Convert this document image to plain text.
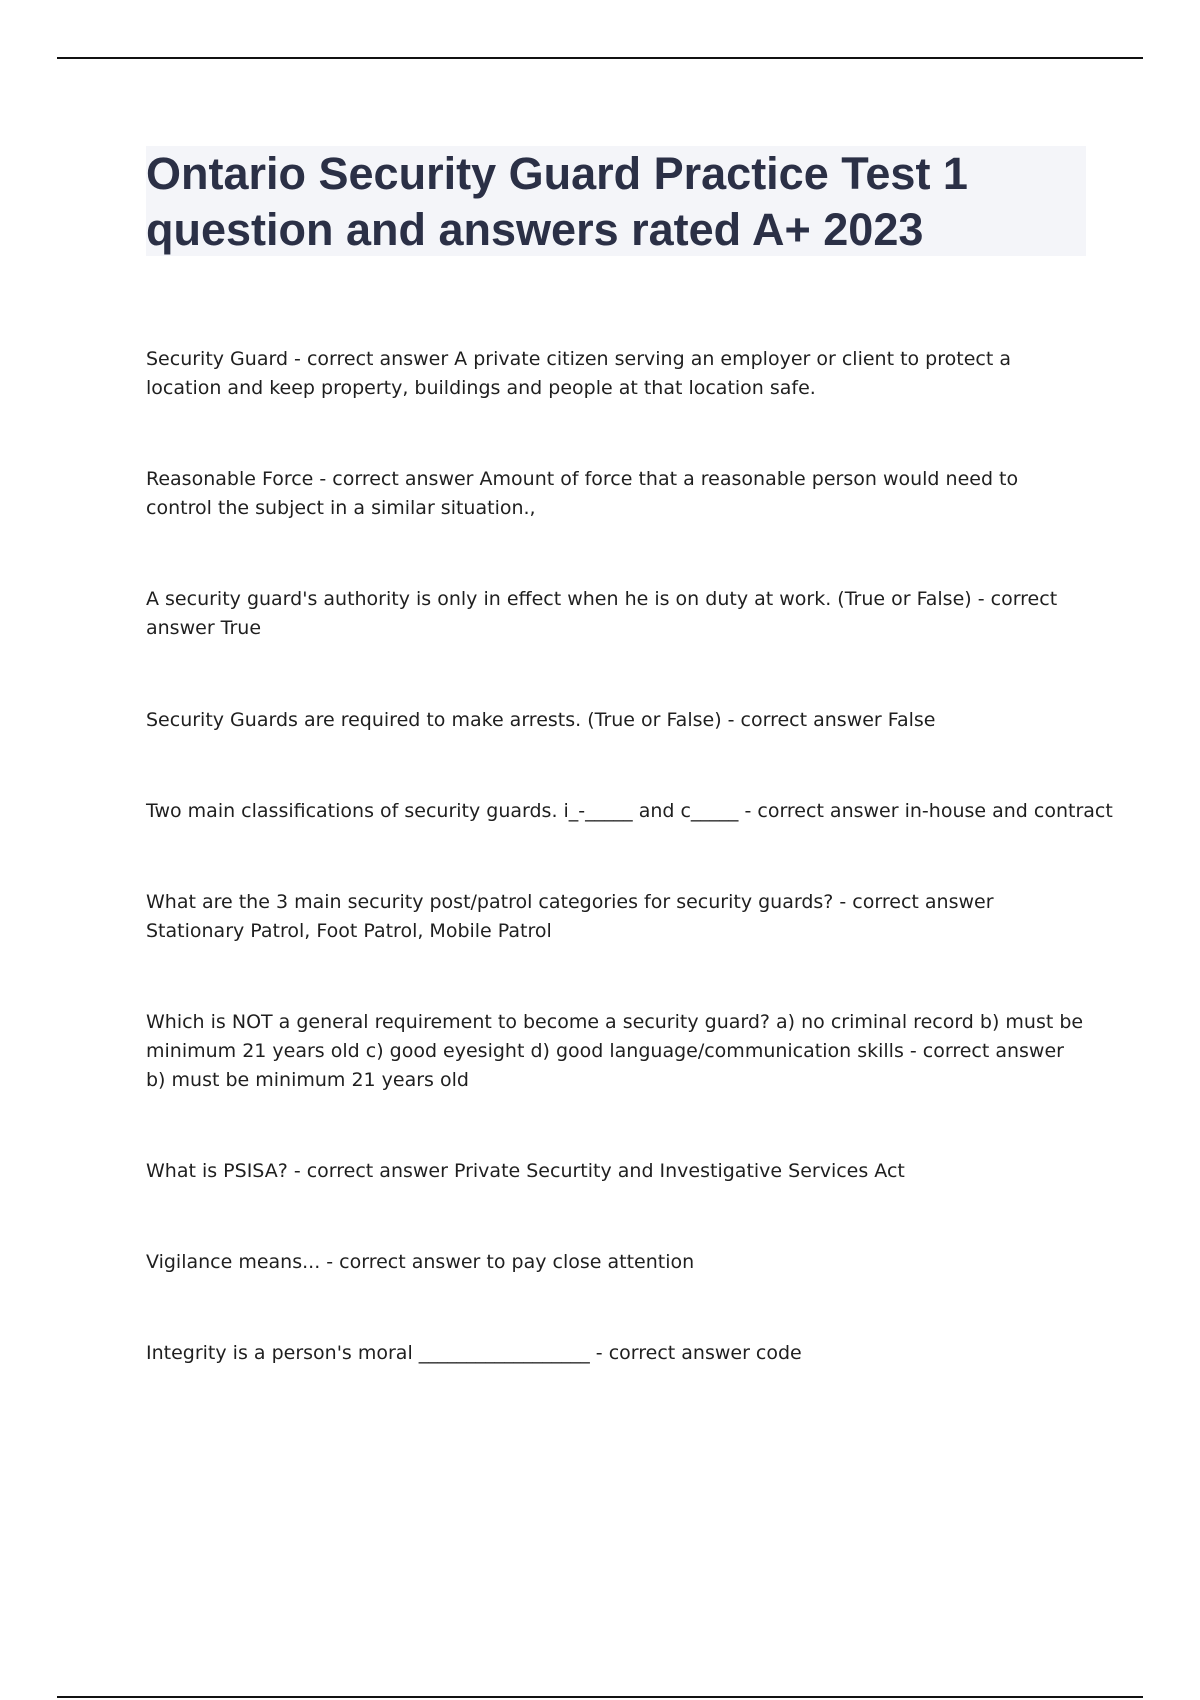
Ontario Security Guard Practice Test 1 question and answers rated A+ 2023
Security Guard - correct answer A private citizen serving an employer or client to protect a location and keep property, buildings and people at that location safe.
Reasonable Force - correct answer Amount of force that a reasonable person would need to control the subject in a similar situation.,
A security guard's authority is only in effect when he is on duty at work. (True or False) - correct answer True
Security Guards are required to make arrests. (True or False) - correct answer False
Two main classifications of security guards. i_-_____ and c_____ - correct answer in-house and contract
What are the 3 main security post/patrol categories for security guards? - correct answer Stationary Patrol, Foot Patrol, Mobile Patrol
Which is NOT a general requirement to become a security guard? a) no criminal record b) must be minimum 21 years old c) good eyesight d) good language/communication skills - correct answer b) must be minimum 21 years old
What is PSISA? - correct answer Private Securtity and Investigative Services Act
Vigilance means... - correct answer to pay close attention
Integrity is a person's moral __________________ - correct answer code
